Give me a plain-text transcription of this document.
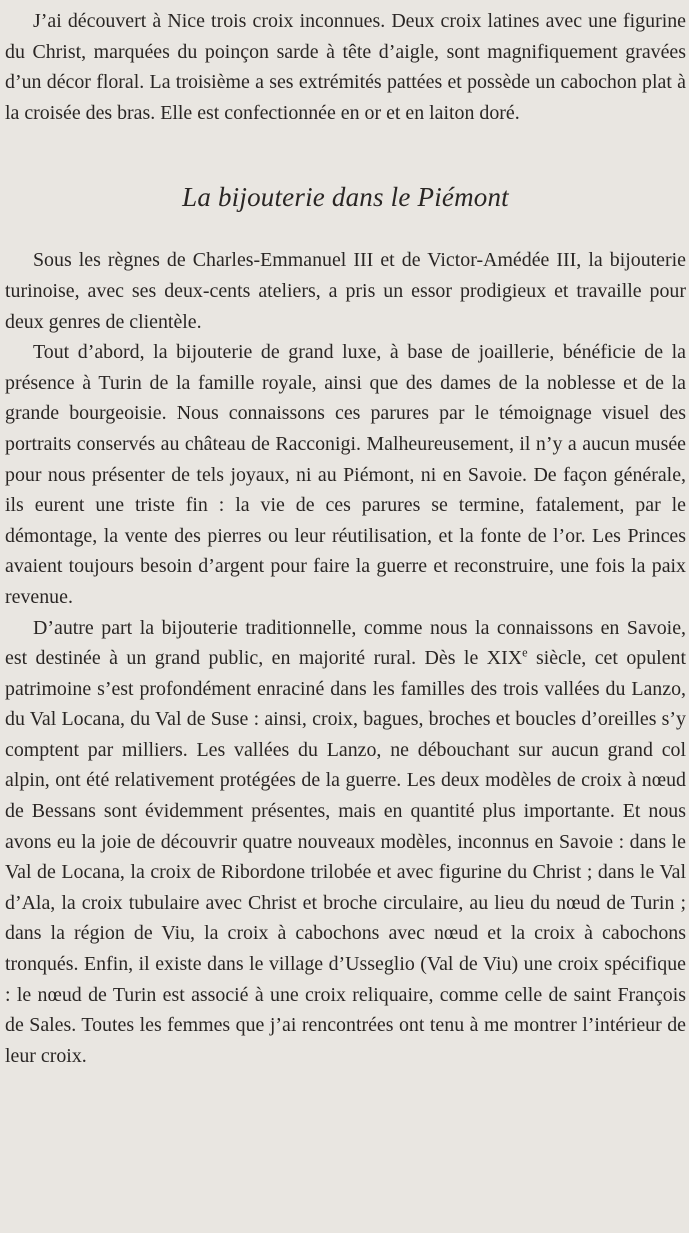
J’ai découvert à Nice trois croix inconnues. Deux croix latines avec une figurine du Christ, marquées du poinçon sarde à tête d’aigle, sont magnifiquement gravées d’un décor floral. La troisième a ses extrémités pattées et possède un cabochon plat à la croisée des bras. Elle est confectionnée en or et en laiton doré.

La bijouterie dans le Piémont

Sous les règnes de Charles-Emmanuel III et de Victor-Amédée III, la bijouterie turinoise, avec ses deux-cents ateliers, a pris un essor prodigieux et travaille pour deux genres de clientèle.

Tout d’abord, la bijouterie de grand luxe, à base de joaillerie, bénéficie de la présence à Turin de la famille royale, ainsi que des dames de la noblesse et de la grande bourgeoisie. Nous connaissons ces parures par le témoignage visuel des portraits conservés au château de Racconigi. Malheureusement, il n’y a aucun musée pour nous présenter de tels joyaux, ni au Piémont, ni en Savoie. De façon générale, ils eurent une triste fin : la vie de ces parures se termine, fatalement, par le démontage, la vente des pierres ou leur réutilisation, et la fonte de l’or. Les Princes avaient toujours besoin d’argent pour faire la guerre et reconstruire, une fois la paix revenue.

D’autre part la bijouterie traditionnelle, comme nous la connaissons en Savoie, est destinée à un grand public, en majorité rural. Dès le XIXe siècle, cet opulent patrimoine s’est profondément enraciné dans les familles des trois vallées du Lanzo, du Val Locana, du Val de Suse : ainsi, croix, bagues, broches et boucles d’oreilles s’y comptent par milliers. Les vallées du Lanzo, ne débouchant sur aucun grand col alpin, ont été relativement protégées de la guerre. Les deux modèles de croix à nœud de Bessans sont évidemment présentes, mais en quantité plus importante. Et nous avons eu la joie de découvrir quatre nouveaux modèles, inconnus en Savoie : dans le Val de Locana, la croix de Ribordone trilobée et avec figurine du Christ ; dans le Val d’Ala, la croix tubulaire avec Christ et broche circulaire, au lieu du nœud de Turin ; dans la région de Viu, la croix à cabochons avec nœud et la croix à cabochons tronqués. Enfin, il existe dans le village d’Usseglio (Val de Viu) une croix spécifique : le nœud de Turin est associé à une croix reliquaire, comme celle de saint François de Sales. Toutes les femmes que j’ai rencontrées ont tenu à me montrer l’intérieur de leur croix.
